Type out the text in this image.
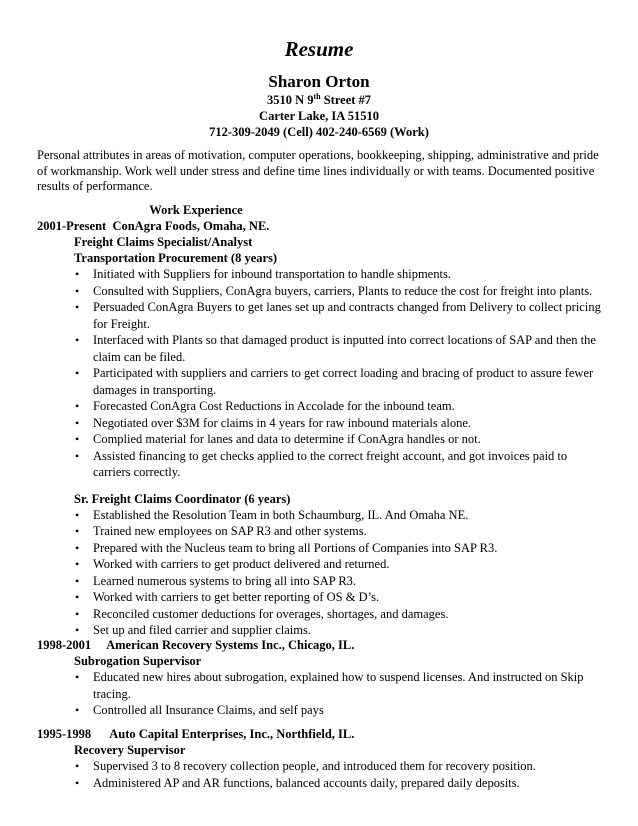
Resume
Sharon Orton

3510 N 9th Street #7

Carter Lake, IA 51510

712-309-2049 (Cell) 402-240-6569 (Work)

Personal attributes in areas of motivation, computer operations, bookkeeping, shipping, administrative and pride of workmanship. Work well under stress and define time lines individually or with teams. Documented positive results of performance.

Work Experience

2001-Present ConAgra Foods, Omaha, NE.

Freight Claims Specialist/Analyst

Transportation Procurement (8 years)

• Initiated with Suppliers for inbound transportation to handle shipments.
• Consulted with Suppliers, ConAgra buyers, carriers, Plants to reduce the cost for freight into plants.
• Persuaded ConAgra Buyers to get lanes set up and contracts changed from Delivery to collect pricing for Freight.
• Interfaced with Plants so that damaged product is inputted into correct locations of SAP and then the claim can be filed.
• Participated with suppliers and carriers to get correct loading and bracing of product to assure fewer damages in transporting.
• Forecasted ConAgra Cost Reductions in Accolade for the inbound team.
• Negotiated over $3M for claims in 4 years for raw inbound materials alone.
• Complied material for lanes and data to determine if ConAgra handles or not.
• Assisted financing to get checks applied to the correct freight account, and got invoices paid to carriers correctly.

Sr. Freight Claims Coordinator (6 years)

• Established the Resolution Team in both Schaumburg, IL. And Omaha NE.
• Trained new employees on SAP R3 and other systems.
• Prepared with the Nucleus team to bring all Portions of Companies into SAP R3.
• Worked with carriers to get product delivered and returned.
• Learned numerous systems to bring all into SAP R3.
• Worked with carriers to get better reporting of OS & D’s.
• Reconciled customer deductions for overages, shortages, and damages.
• Set up and filed carrier and supplier claims.

1998-2001 American Recovery Systems Inc., Chicago, IL.

Subrogation Supervisor

• Educated new hires about subrogation, explained how to suspend licenses. And instructed on Skip tracing.
• Controlled all Insurance Claims, and self pays

1995-1998 Auto Capital Enterprises, Inc., Northfield, IL.

Recovery Supervisor

• Supervised 3 to 8 recovery collection people, and introduced them for recovery position.
• Administered AP and AR functions, balanced accounts daily, prepared daily deposits.
